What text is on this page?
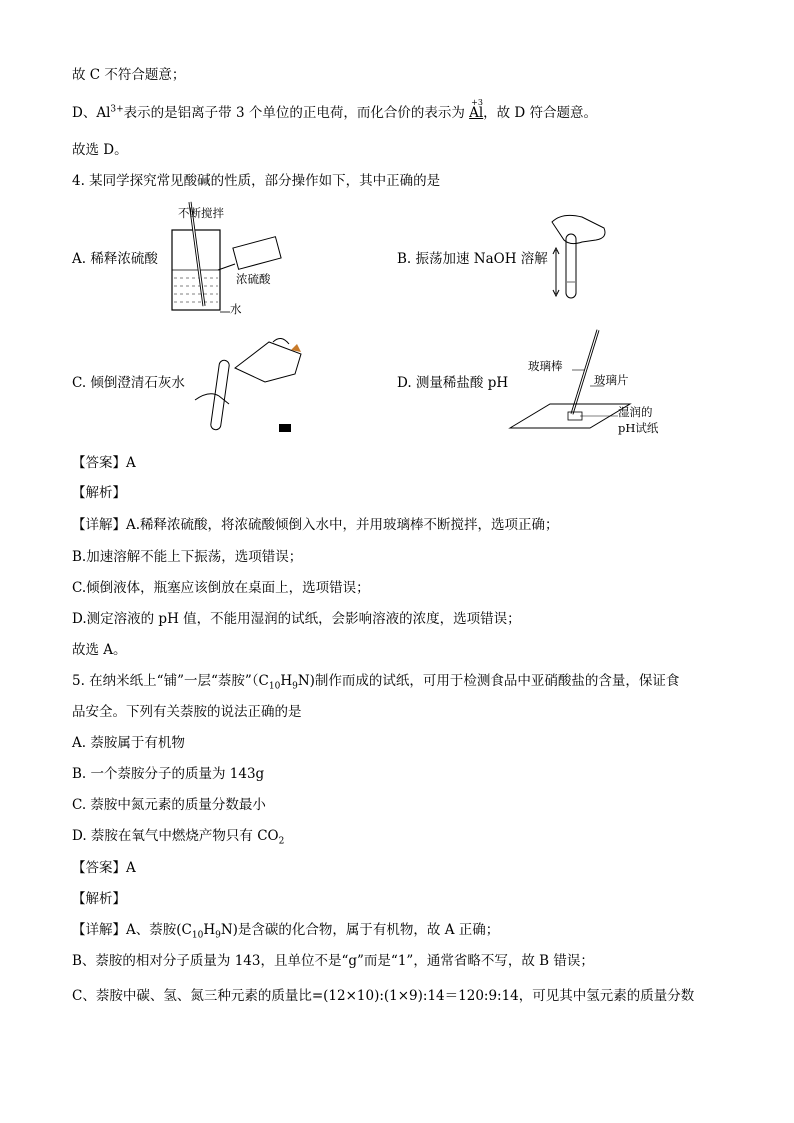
故 C 不符合题意；
D、$Al^{3+}$表示的是铝离子带 3 个单位的正电荷，而化合价的表示为
+3
Al，故 D 符合题意。
故选 D。
4. 某同学探究常见酸碱的性质，部分操作如下，其中正确的是
A. 稀释浓硫酸
不断搅拌
浓硫酸
水
B. 振荡加速 NaOH 溶解
C. 倾倒澄清石灰水	D. 测量稀盐酸 pH
玻璃棒
玻璃片
湿润的
pH试纸
【答案】A
【解析】
【详解】A.稀释浓硫酸，将浓硫酸倾倒入水中，并用玻璃棒不断搅拌，选项正确；
B.加速溶解不能上下振荡，选项错误；
C.倾倒液体，瓶塞应该倒放在桌面上，选项错误；
D.测定溶液的 pH 值，不能用湿润的试纸，会影响溶液的浓度，选项错误；
故选 A。
5. 在纳米纸上“铺”一层“萘胺$”(C_{10}H_9N)$制作而成的试纸，可用于检测食品中亚硝酸盐的含量，保证食
品安全。下列有关萘胺的说法正确的是
A. 萘胺属于有机物
B. 一个萘胺分子的质量为 143g
C. 萘胺中氮元素的质量分数最小
D. 萘胺在氧气中燃烧产物只有 $CO_2$
【答案】A
【解析】
【详解】A、萘胺$(C_{10}H_9N)$是含碳的化合物，属于有机物，故 A 正确；
B、萘胺的相对分子质量为 143，且单位不是“g”而是“1”，通常省略不写，故 B 错误；
C、萘胺中碳、氢、氮三种元素的质量比=(12×10):(1×9):14＝120:9:14，可见其中氢元素的质量分数
